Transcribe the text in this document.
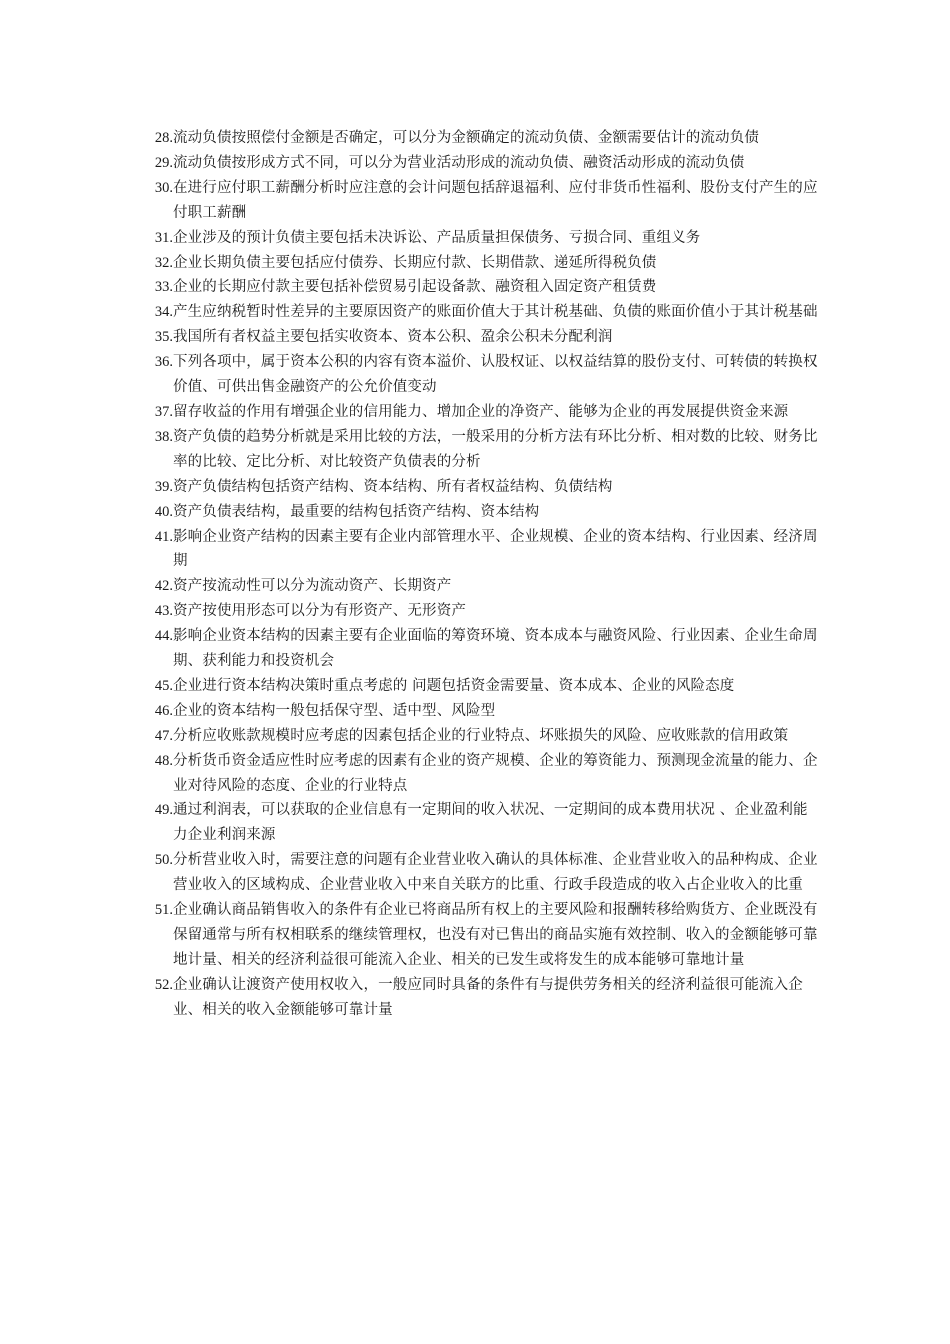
28. 流动负债按照偿付金额是否确定，可以分为金额确定的流动负债、金额需要估计的流动负债
29. 流动负债按形成方式不同，可以分为营业活动形成的流动负债、融资活动形成的流动负债
30. 在进行应付职工薪酬分析时应注意的会计问题包括辞退福利、应付非货币性福利、股份支付产生的应付职工薪酬
31. 企业涉及的预计负债主要包括未决诉讼、产品质量担保债务、亏损合同、重组义务
32. 企业长期负债主要包括应付债券、长期应付款、长期借款、递延所得税负债
33. 企业的长期应付款主要包括补偿贸易引起设备款、融资租入固定资产租赁费
34. 产生应纳税暂时性差异的主要原因资产的账面价值大于其计税基础、负债的账面价值小于其计税基础
35. 我国所有者权益主要包括实收资本、资本公积、盈余公积未分配利润
36. 下列各项中，属于资本公积的内容有资本溢价、认股权证、以权益结算的股份支付、可转债的转换权价值、可供出售金融资产的公允价值变动
37. 留存收益的作用有增强企业的信用能力、增加企业的净资产、能够为企业的再发展提供资金来源
38. 资产负债的趋势分析就是采用比较的方法，一般采用的分析方法有环比分析、相对数的比较、财务比率的比较、定比分析、对比较资产负债表的分析
39. 资产负债结构包括资产结构、资本结构、所有者权益结构、负债结构
40. 资产负债表结构，最重要的结构包括资产结构、资本结构
41. 影响企业资产结构的因素主要有企业内部管理水平、企业规模、企业的资本结构、行业因素、经济周期
42. 资产按流动性可以分为流动资产、长期资产
43. 资产按使用形态可以分为有形资产、无形资产
44. 影响企业资本结构的因素主要有企业面临的筹资环境、资本成本与融资风险、行业因素、企业生命周期、获利能力和投资机会
45. 企业进行资本结构决策时重点考虑的 问题包括资金需要量、资本成本、企业的风险态度
46. 企业的资本结构一般包括保守型、适中型、风险型
47. 分析应收账款规模时应考虑的因素包括企业的行业特点、坏账损失的风险、应收账款的信用政策
48. 分析货币资金适应性时应考虑的因素有企业的资产规模、企业的筹资能力、预测现金流量的能力、企业对待风险的态度、企业的行业特点
49. 通过利润表，可以获取的企业信息有一定期间的收入状况、一定期间的成本费用状况 、企业盈利能力企业利润来源
50. 分析营业收入时，需要注意的问题有企业营业收入确认的具体标准、企业营业收入的品种构成、企业营业收入的区域构成、企业营业收入中来自关联方的比重、行政手段造成的收入占企业收入的比重
51. 企业确认商品销售收入的条件有企业已将商品所有权上的主要风险和报酬转移给购货方、企业既没有保留通常与所有权相联系的继续管理权，也没有对已售出的商品实施有效控制、收入的金额能够可靠地计量、相关的经济利益很可能流入企业、相关的已发生或将发生的成本能够可靠地计量
52. 企业确认让渡资产使用权收入，一般应同时具备的条件有与提供劳务相关的经济利益很可能流入企业、相关的收入金额能够可靠计量
